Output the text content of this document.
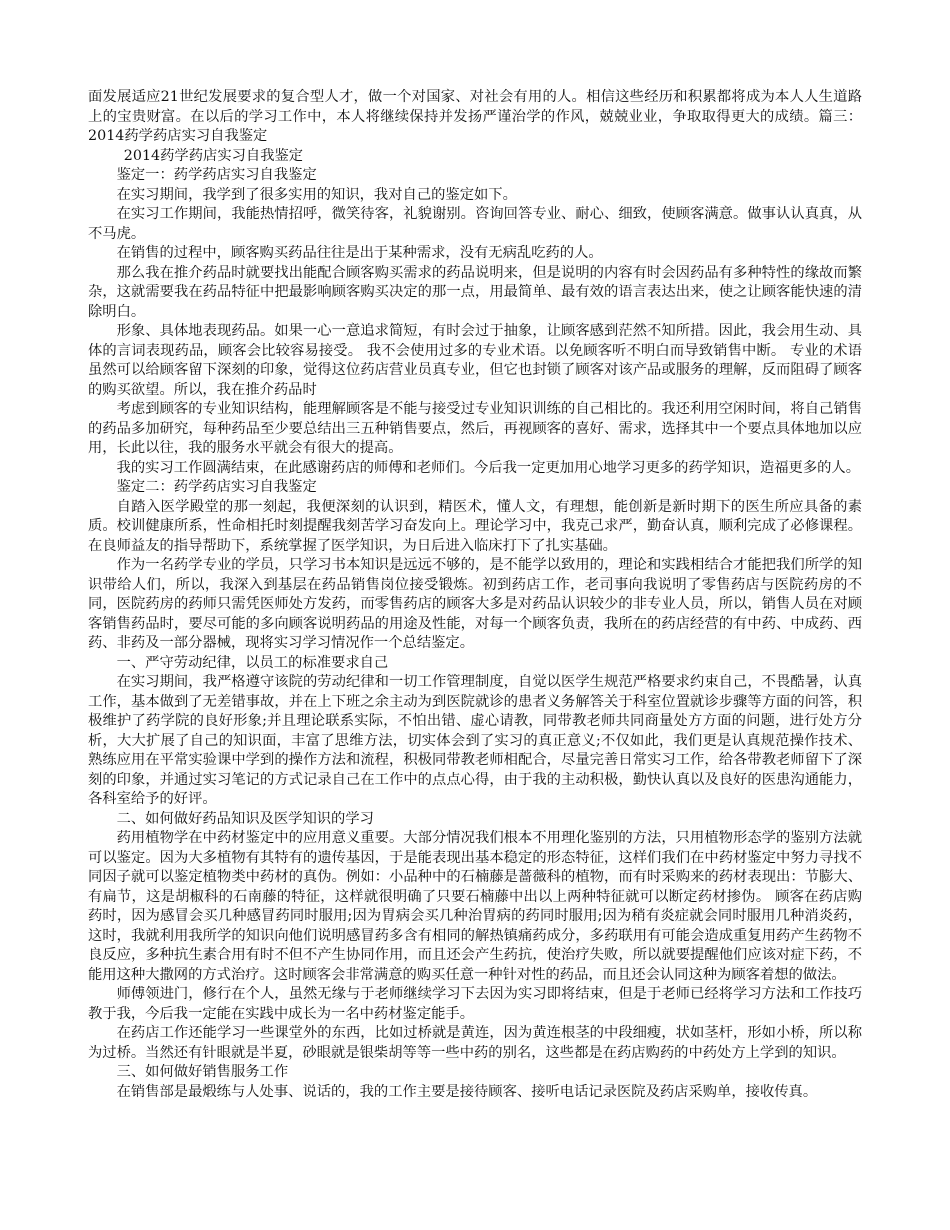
面发展适应21世纪发展要求的复合型人才，做一个对国家、对社会有用的人。相信这些经历和积累都将成为本人人生道路上的宝贵财富。在以后的学习工作中，本人将继续保持并发扬严谨治学的作风，兢兢业业，争取取得更大的成绩。篇三：2014药学药店实习自我鉴定

2014药学药店实习自我鉴定

鉴定一：药学药店实习自我鉴定

在实习期间，我学到了很多实用的知识，我对自己的鉴定如下。

在实习工作期间，我能热情招呼，微笑待客，礼貌谢别。咨询回答专业、耐心、细致，使顾客满意。做事认认真真，从不马虎。

在销售的过程中，顾客购买药品往往是出于某种需求，没有无病乱吃药的人。

那么我在推介药品时就要找出能配合顾客购买需求的药品说明来，但是说明的内容有时会因药品有多种特性的缘故而繁杂，这就需要我在药品特征中把最影响顾客购买决定的那一点，用最简单、最有效的语言表达出来，使之让顾客能快速的清除明白。

形象、具体地表现药品。如果一心一意追求简短，有时会过于抽象，让顾客感到茫然不知所措。因此，我会用生动、具体的言词表现药品，顾客会比较容易接受。 我不会使用过多的专业术语。以免顾客听不明白而导致销售中断。 专业的术语虽然可以给顾客留下深刻的印象，觉得这位药店营业员真专业，但它也封锁了顾客对该产品或服务的理解，反而阻碍了顾客的购买欲望。所以，我在推介药品时

考虑到顾客的专业知识结构，能理解顾客是不能与接受过专业知识训练的自己相比的。我还利用空闲时间，将自己销售的药品多加研究，每种药品至少要总结出三五种销售要点，然后，再视顾客的喜好、需求，选择其中一个要点具体地加以应用，长此以往，我的服务水平就会有很大的提高。

我的实习工作圆满结束，在此感谢药店的师傅和老师们。今后我一定更加用心地学习更多的药学知识，造福更多的人。

鉴定二：药学药店实习自我鉴定

自踏入医学殿堂的那一刻起，我便深刻的认识到，精医术，懂人文，有理想，能创新是新时期下的医生所应具备的素质。校训健康所系，性命相托时刻提醒我刻苦学习奋发向上。理论学习中，我克己求严，勤奋认真，顺利完成了必修课程。在良师益友的指导帮助下，系统掌握了医学知识，为日后进入临床打下了扎实基础。

作为一名药学专业的学员，只学习书本知识是远远不够的，是不能学以致用的，理论和实践相结合才能把我们所学的知识带给人们，所以，我深入到基层在药品销售岗位接受锻炼。初到药店工作，老司事向我说明了零售药店与医院药房的不同，医院药房的药师只需凭医师处方发药，而零售药店的顾客大多是对药品认识较少的非专业人员，所以，销售人员在对顾客销售药品时，要尽可能的多向顾客说明药品的用途及性能，对每一个顾客负责，我所在的药店经营的有中药、中成药、西药、非药及一部分器械，现将实习学习情况作一个总结鉴定。

一、严守劳动纪律，以员工的标准要求自己

在实习期间，我严格遵守该院的劳动纪律和一切工作管理制度，自觉以医学生规范严格要求约束自己，不畏酷暑，认真工作，基本做到了无差错事故，并在上下班之余主动为到医院就诊的患者义务解答关于科室位置就诊步骤等方面的问答，积极维护了药学院的良好形象;并且理论联系实际，不怕出错、虚心请教，同带教老师共同商量处方方面的问题，进行处方分析，大大扩展了自己的知识面，丰富了思维方法，切实体会到了实习的真正意义;不仅如此，我们更是认真规范操作技术、熟练应用在平常实验课中学到的操作方法和流程，积极同带教老师相配合，尽量完善日常实习工作，给各带教老师留下了深刻的印象，并通过实习笔记的方式记录自己在工作中的点点心得，由于我的主动积极，勤快认真以及良好的医患沟通能力，各科室给予的好评。

二、如何做好药品知识及医学知识的学习

药用植物学在中药材鉴定中的应用意义重要。大部分情况我们根本不用理化鉴别的方法，只用植物形态学的鉴别方法就可以鉴定。因为大多植物有其特有的遗传基因，于是能表现出基本稳定的形态特征，这样们我们在中药材鉴定中努力寻找不同因子就可以鉴定植物类中药材的真伪。例如：小品种中的石楠藤是蔷薇科的植物，而有时采购来的药材表现出：节膨大、有扁节，这是胡椒科的石南藤的特征，这样就很明确了只要石楠藤中出以上两种特征就可以断定药材掺伪。 顾客在药店购药时，因为感冒会买几种感冒药同时服用;因为胃病会买几种治胃病的药同时服用;因为稍有炎症就会同时服用几种消炎药，这时，我就利用我所学的知识向他们说明感冒药多含有相同的解热镇痛药成分，多药联用有可能会造成重复用药产生药物不良反应，多种抗生素合用有时不但不产生协同作用，而且还会产生药抗，使治疗失败，所以就要提醒他们应该对症下药，不能用这种大撒网的方式治疗。这时顾客会非常满意的购买任意一种针对性的药品，而且还会认同这种为顾客着想的做法。

师傅领进门，修行在个人，虽然无缘与于老师继续学习下去因为实习即将结束，但是于老师已经将学习方法和工作技巧教于我，今后我一定能在实践中成长为一名中药材鉴定能手。

在药店工作还能学习一些课堂外的东西，比如过桥就是黄连，因为黄连根茎的中段细瘦，状如茎杆，形如小桥，所以称为过桥。当然还有针眼就是半夏，砂眼就是银柴胡等等一些中药的别名，这些都是在药店购药的中药处方上学到的知识。

三、如何做好销售服务工作

在销售部是最煅练与人处事、说话的，我的工作主要是接待顾客、接听电话记录医院及药店采购单，接收传真。
